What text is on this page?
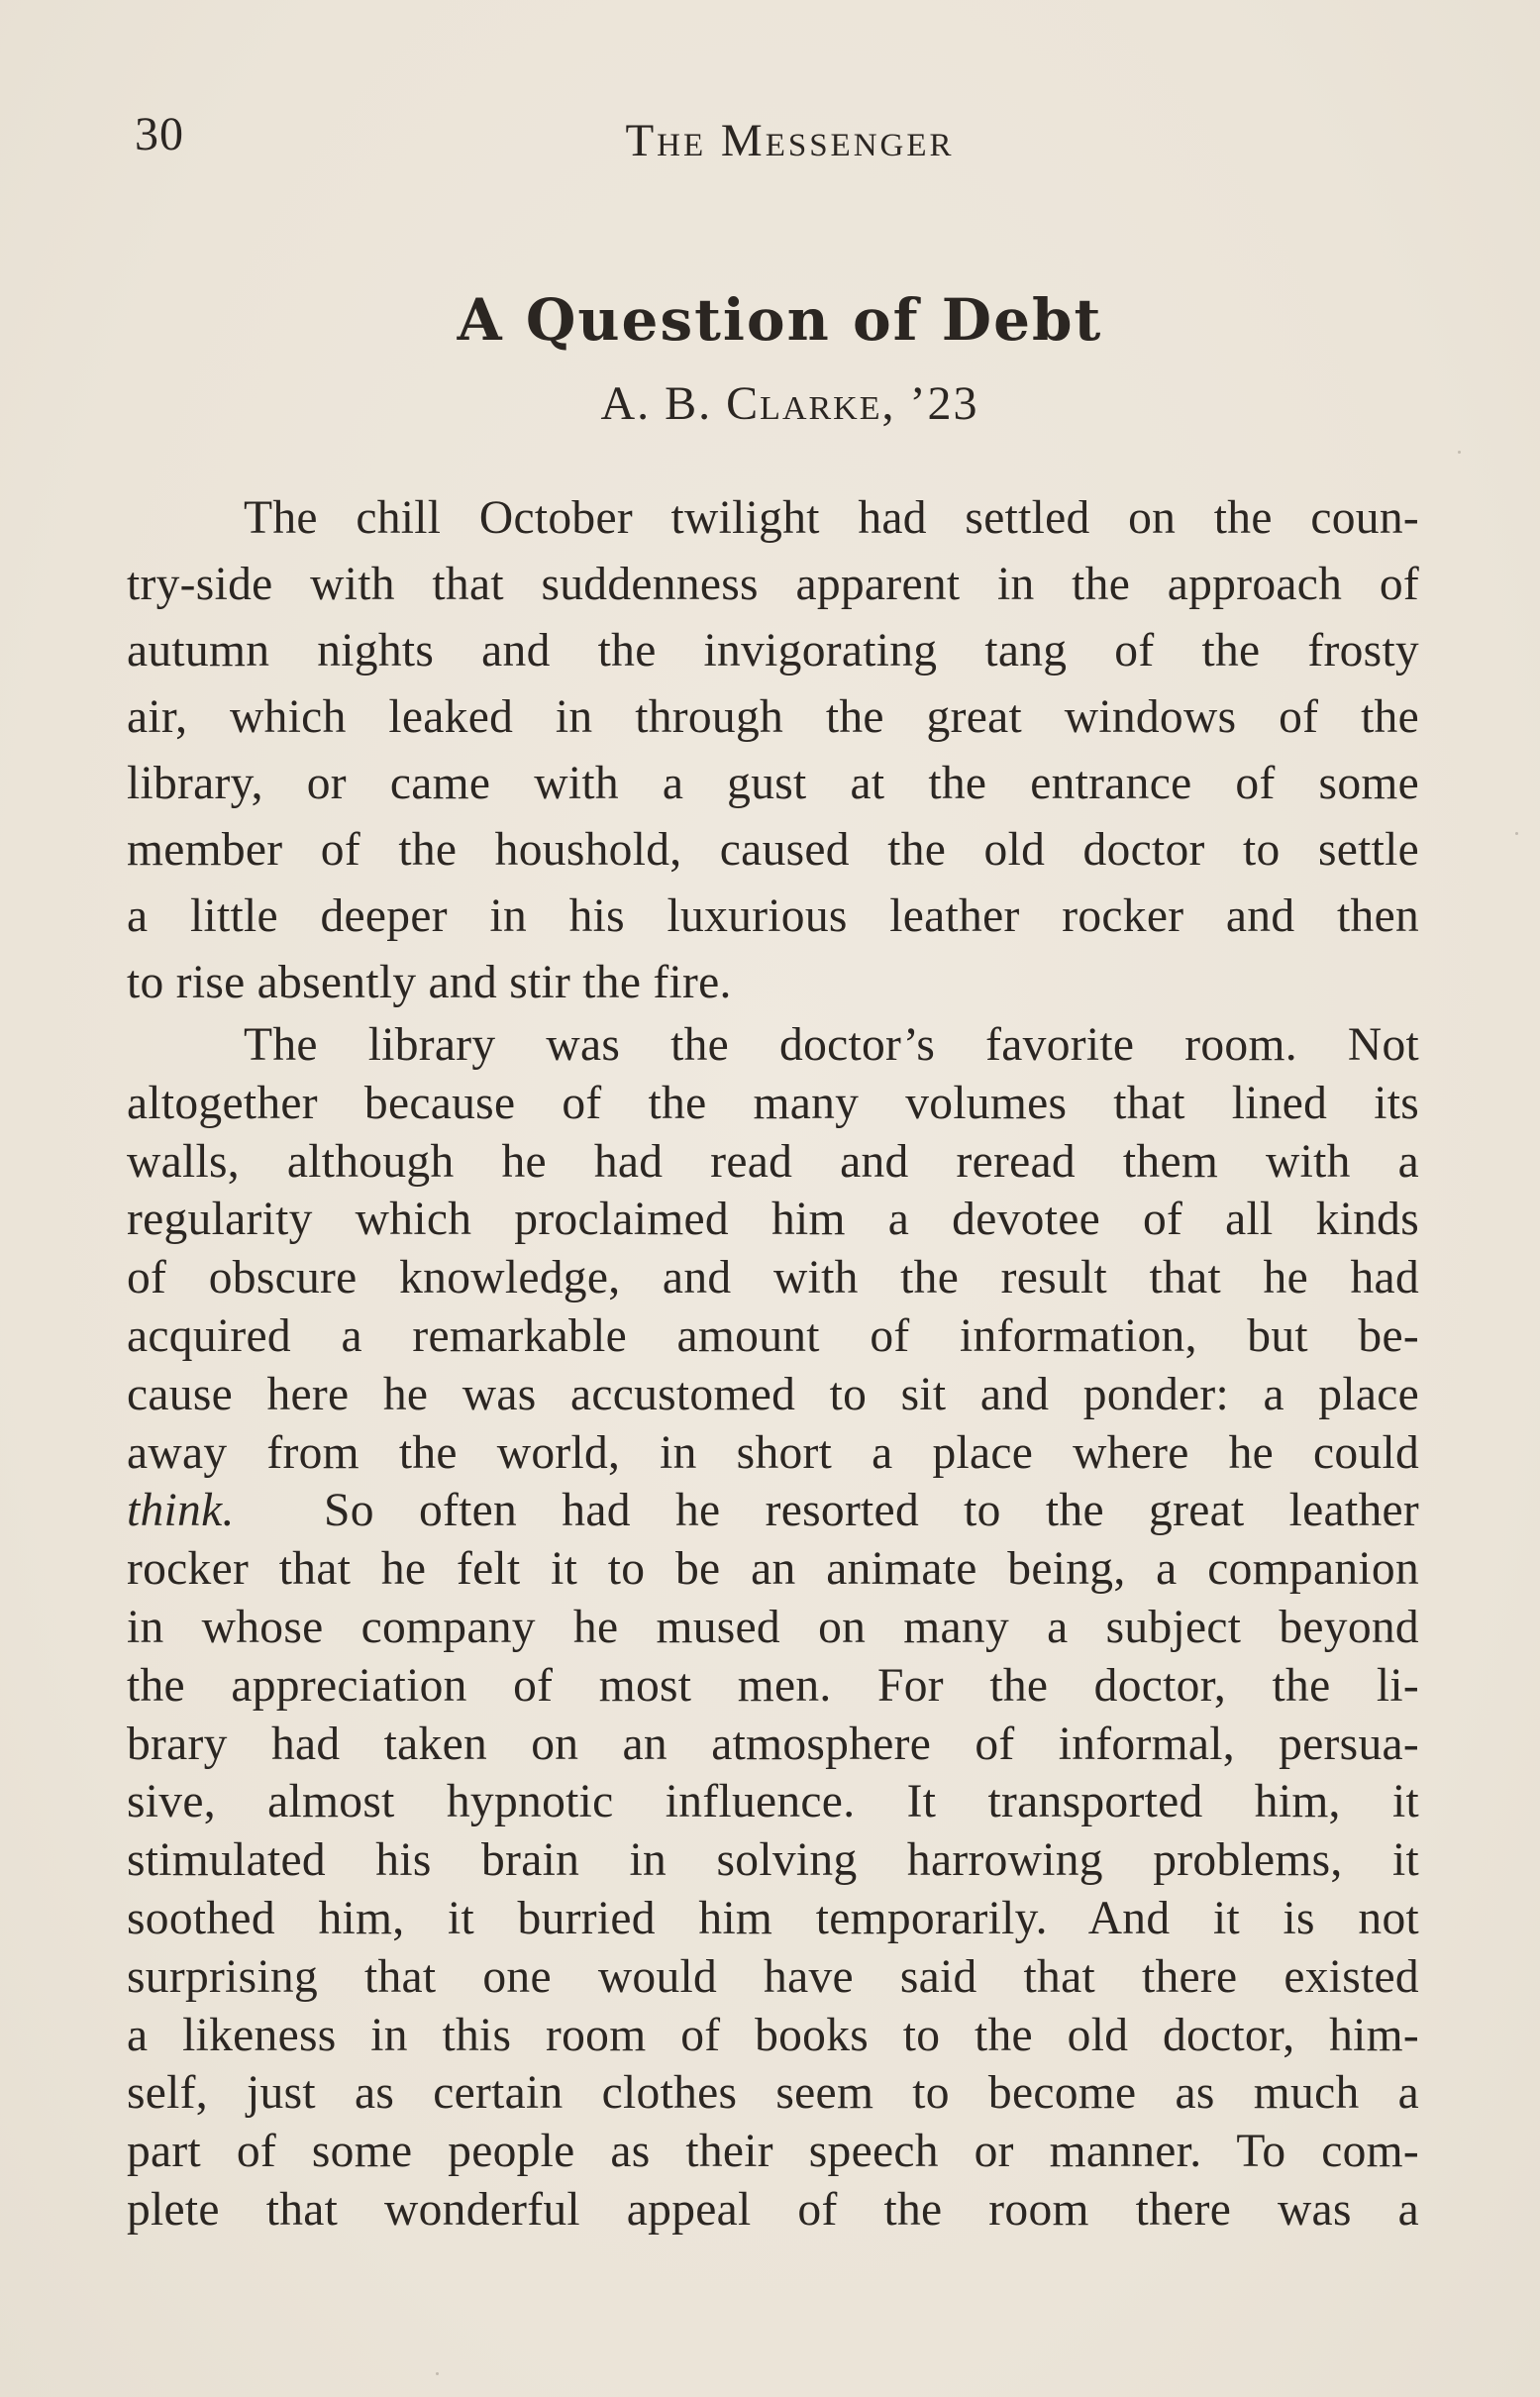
30	The Messenger
A Question of Debt
A. B. Clarke, ’23
The chill October twilight had settled on the coun-
try-side with that suddenness apparent in the approach of
autumn nights and the invigorating tang of the frosty
air, which leaked in through the great windows of the
library, or came with a gust at the entrance of some
member of the houshold, caused the old doctor to settle
a little deeper in his luxurious leather rocker and then
to rise absently and stir the fire.
The library was the doctor’s favorite room. Not
altogether because of the many volumes that lined its
walls, although he had read and reread them with a
regularity which proclaimed him a devotee of all kinds
of obscure knowledge, and with the result that he had
acquired a remarkable amount of information, but be-
cause here he was accustomed to sit and ponder: a place
away from the world, in short a place where he could
think. So often had he resorted to the great leather
rocker that he felt it to be an animate being, a companion
in whose company he mused on many a subject beyond
the appreciation of most men. For the doctor, the li-
brary had taken on an atmosphere of informal, persua-
sive, almost hypnotic influence. It transported him, it
stimulated his brain in solving harrowing problems, it
soothed him, it burried him temporarily. And it is not
surprising that one would have said that there existed
a likeness in this room of books to the old doctor, him-
self, just as certain clothes seem to become as much a
part of some people as their speech or manner. To com-
plete that wonderful appeal of the room there was a
